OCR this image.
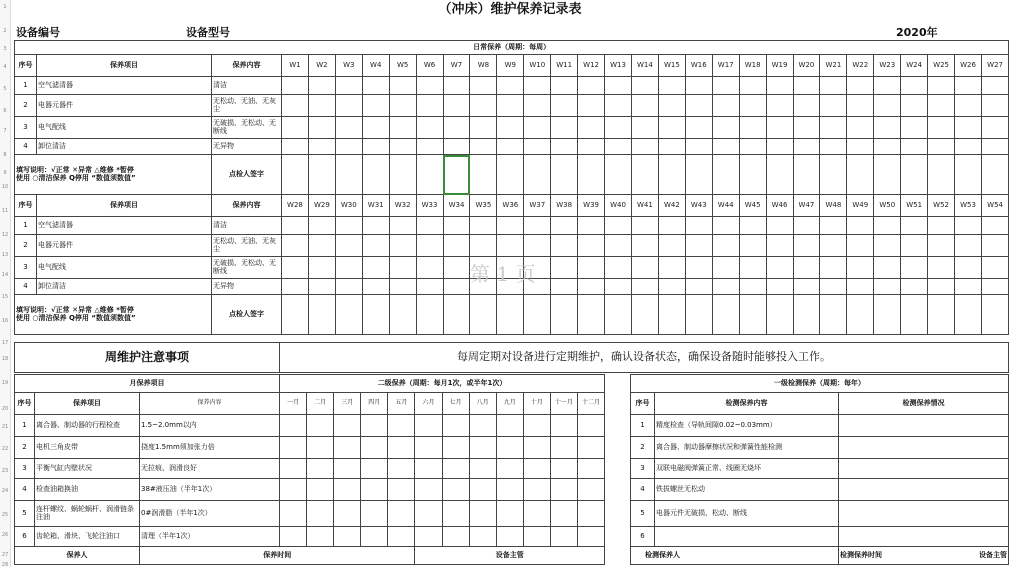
1
2
3
4
5
6
7
8
9
10
11
12
13
14
15
16
17
18
19
20
21
22
23
24
25
26
27
28
（冲床）维护保养记录表
设备编号	设备型号	2020年
日常保养（周期：每周）																													
序号	保养项目	保养内容	W1	W2	W3	W4	W5	W6	W7	W8	W9	W10	W11	W12	W13	W14	W15	W16	W17	W18	W19	W20	W21	W22	W23	W24	W25	W26	W27
1	空气滤清器	清洁																											
2	电器元器件	无松动、无油、无灰尘																											
3	电气配线	无破损、无松动、无断线																											
4	卸位清洁	无异物																											

填写说明：√正常 ✕异常 △维修 *暂停
使用 ○清洁保养 Q停用 “数值须数值”		点检人签字																											
序号	保养项目	保养内容	W28	W29	W30	W31	W32	W33	W34	W35	W36	W37	W38	W39	W40	W41	W42	W43	W44	W45	W46	W47	W48	W49	W50	W51	W52	W53	W54
1	空气滤清器	清洁																											
2	电器元器件	无松动、无油、无灰尘																											
3	电气配线	无破损、无松动、无断线																											
4	卸位清洁	无异物																											

填写说明：√正常 ✕异常 △维修 *暂停
使用 ○清洁保养 Q停用 “数值须数值”		点检人签字																											
周维护注意事项	每周定期对设备进行定期维护，确认设备状态，确保设备随时能够投入工作。
月保养项目			二级保养（周期：每月1次，或半年1次）											
序号	保养项目	保养内容	一月	二月	三月	四月	五月	六月	七月	八月	九月	十月	十一月	十二月
1	离合器、制动器的行程检查	1.5~2.0mm以内												
2	电机三角皮带	挠度1.5mm须加张力倍												
3	平衡气缸内壁状况	无拉痕、润滑良好												
4	检查油箱换油	38#液压油（半年1次）												
5	连杆螺纹、蜗轮蜗杆、润滑链条注油	0#润滑脂（半年1次）												
6	齿轮箱、滑块、飞轮注油口	清理（半年1次）												
保养人		保养时间						设备主管						
一级检测保养（周期：每年）		
序号	检测保养内容	检测保养情况
1	精度检查（导轨间隙0.02~0.03mm）	
2	离合器、制动器摩擦状况和弹簧性能检测	
3	双联电磁阀弹簧正常、线圈无烧坏	
4	铁拔螺丝无松动	
5	电器元件无破损、松动、断线	
6		
检测保养人		检测保养时间 设备主管
第 1 页
